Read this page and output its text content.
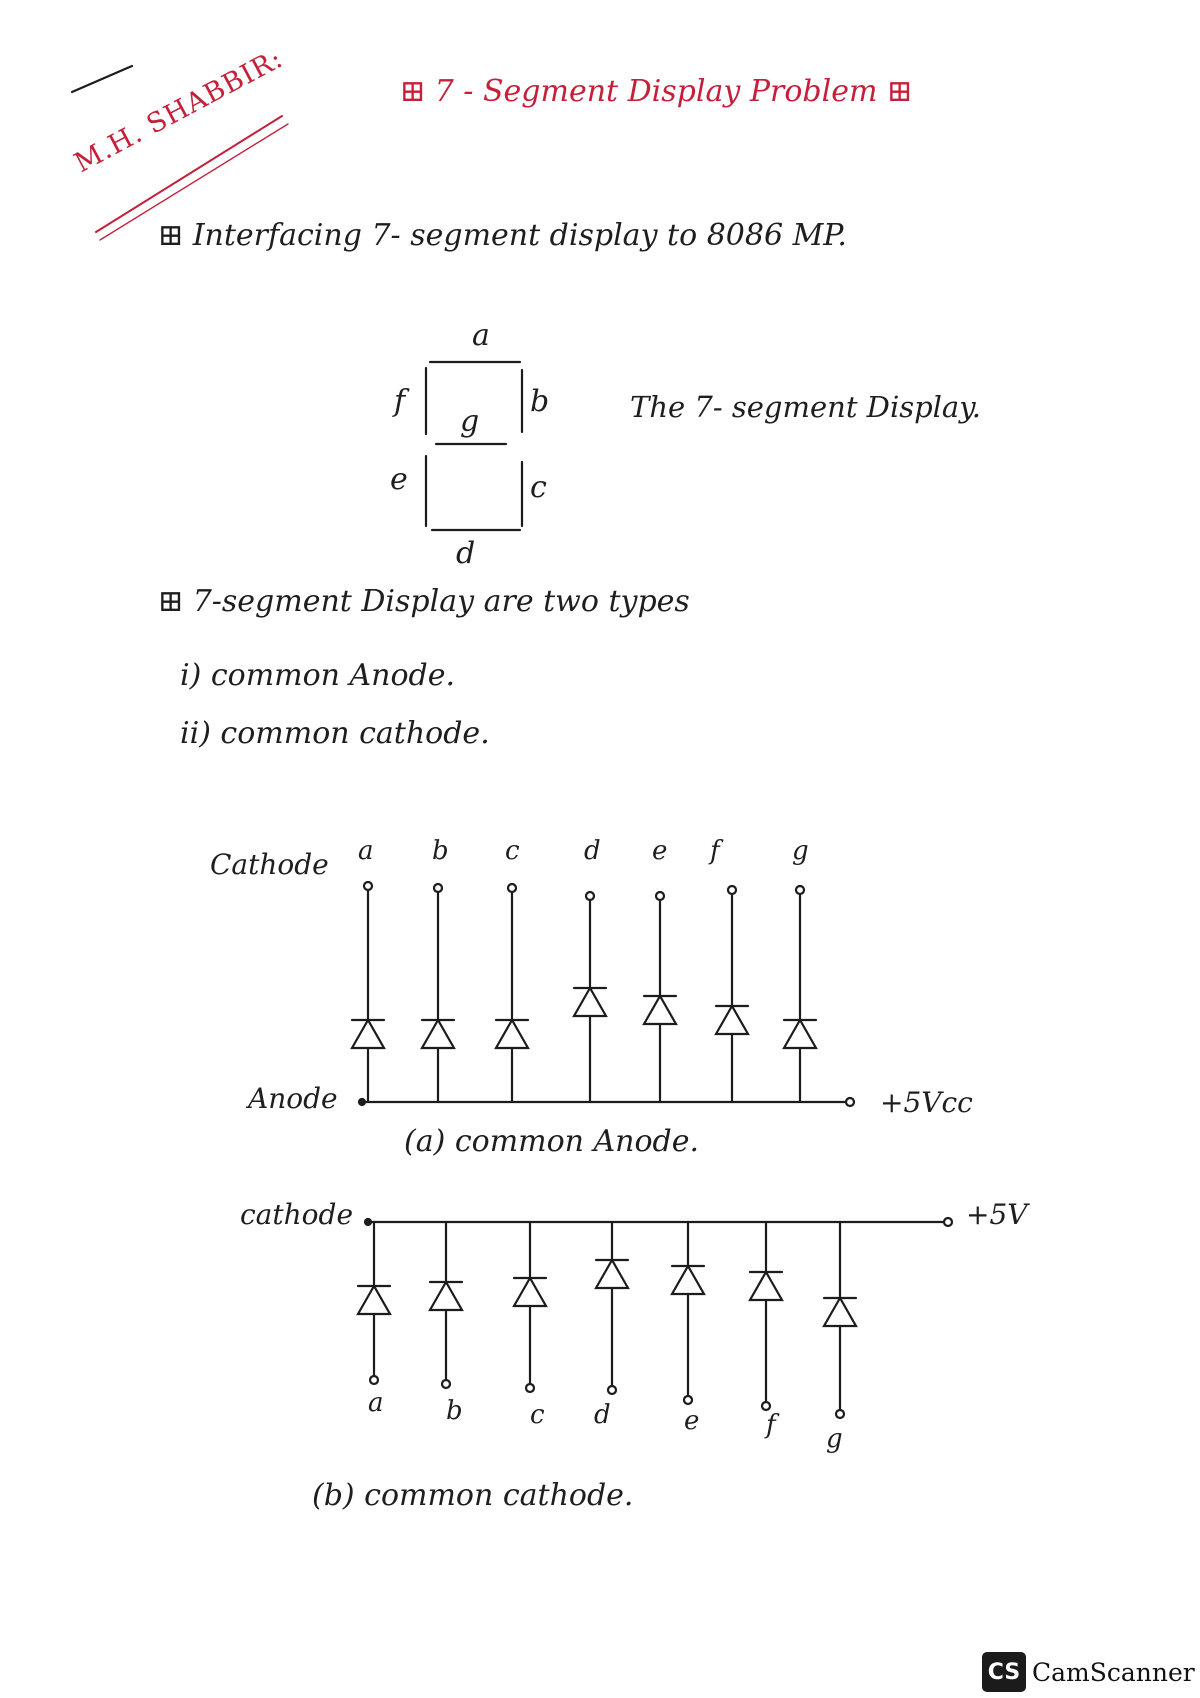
M.H. SHABBIR:	⊞ 7 - Segment Display Problem ⊞
⊞ Interfacing 7- segment display to 8086 MP.
a
b
c
d
e
f
g	The 7- segment Display.
⊞ 7-segment Display are two types
i) common Anode.
ii) common cathode.
Cathode
Anode	+5Vcc
(a) common Anode.
a b c d e f	g
cathode	+5V
(b) common cathode.
a b	c d	e	f g
CS CamScanner
